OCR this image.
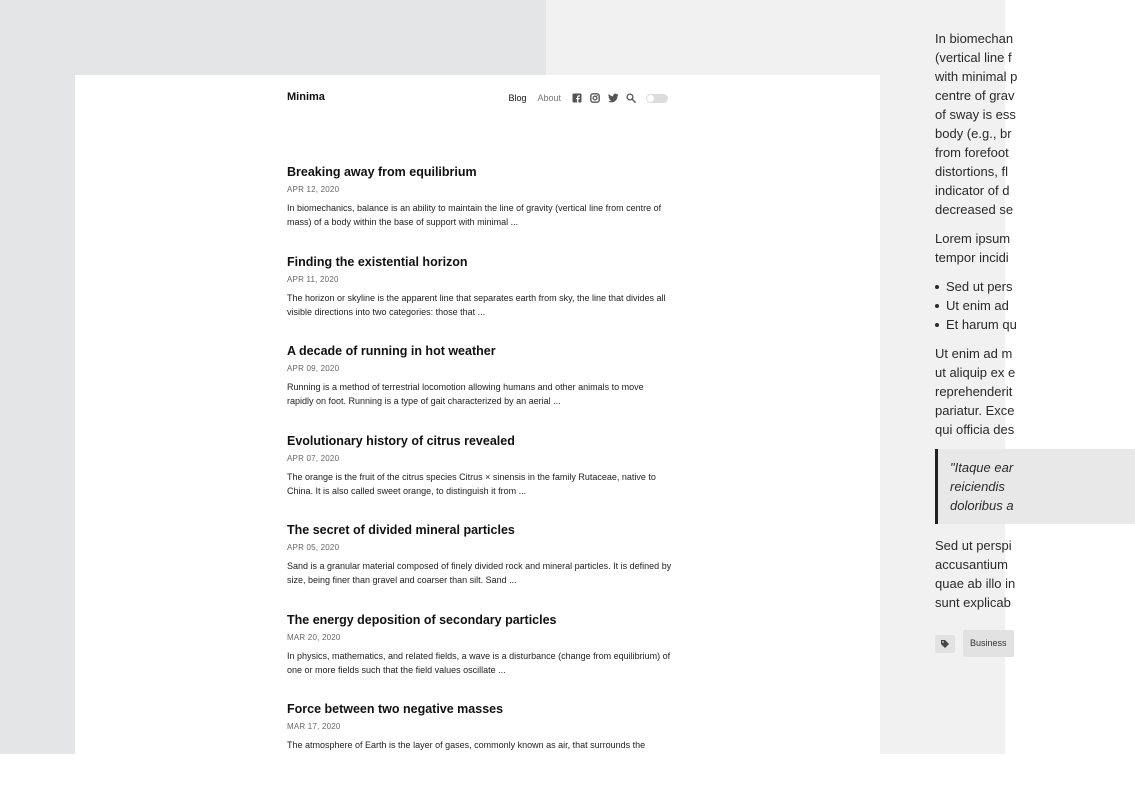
In biomechan
(vertical line f
with minimal p
centre of grav
of sway is ess
body (e.g., br
from forefoot
distortions, fl
indicator of d
decreased se
Lorem ipsum
tempor incidi
Sed ut pers
Ut enim ad
Et harum qu
Ut enim ad m
ut aliquip ex e
reprehenderit
pariatur. Exce
qui officia des
"Itaque ear
reiciendis
doloribus a
Sed ut perspi
accusantium
quae ab illo in
sunt explicab
Business
Minima	Blog About
Breaking away from equilibrium
APR 12, 2020
In biomechanics, balance is an ability to maintain the line of gravity (vertical line from centre of mass) of a body within the base of support with minimal ...
Finding the existential horizon
APR 11, 2020
The horizon or skyline is the apparent line that separates earth from sky, the line that divides all visible directions into two categories: those that ...
A decade of running in hot weather
APR 09, 2020
Running is a method of terrestrial locomotion allowing humans and other animals to move rapidly on foot. Running is a type of gait characterized by an aerial ...
Evolutionary history of citrus revealed
APR 07, 2020
The orange is the fruit of the citrus species Citrus × sinensis in the family Rutaceae, native to China. It is also called sweet orange, to distinguish it from ...
The secret of divided mineral particles
APR 05, 2020
Sand is a granular material composed of finely divided rock and mineral particles. It is defined by size, being finer than gravel and coarser than silt. Sand ...
The energy deposition of secondary particles
MAR 20, 2020
In physics, mathematics, and related fields, a wave is a disturbance (change from equilibrium) of one or more fields such that the field values oscillate ...
Force between two negative masses
MAR 17, 2020
The atmosphere of Earth is the layer of gases, commonly known as air, that surrounds the
